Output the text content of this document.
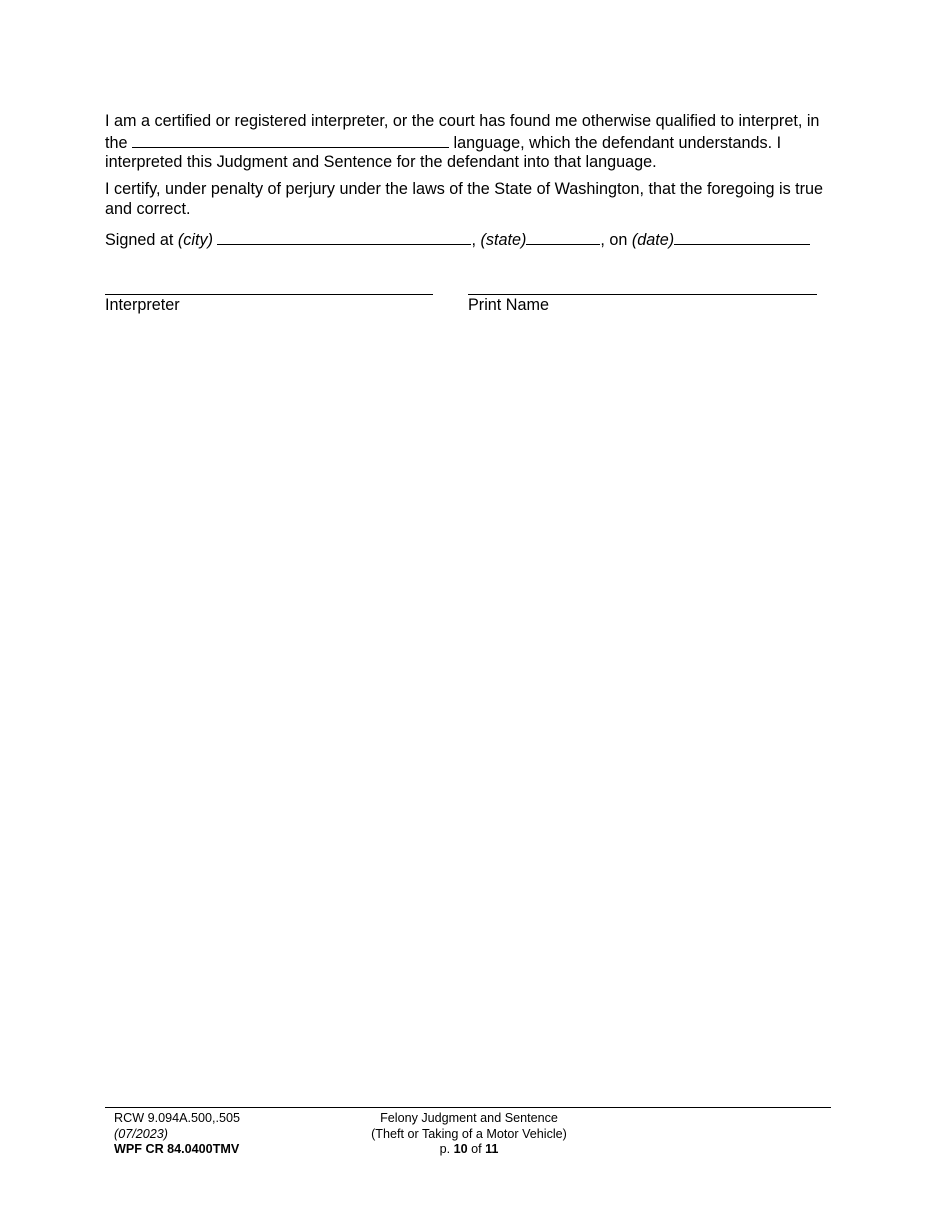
I am a certified or registered interpreter, or the court has found me otherwise qualified to interpret, in the	language, which the defendant understands. I interpreted this Judgment and Sentence for the defendant into that language.
I certify, under penalty of perjury under the laws of the State of Washington, that the foregoing is true and correct.
Signed at (city)	, (state)	, on (date)
Interpreter	Print Name
RCW 9.094A.500,.505
(07/2023)
WPF CR 84.0400TMV
Felony Judgment and Sentence
(Theft or Taking of a Motor Vehicle)
p. 10 of 11
